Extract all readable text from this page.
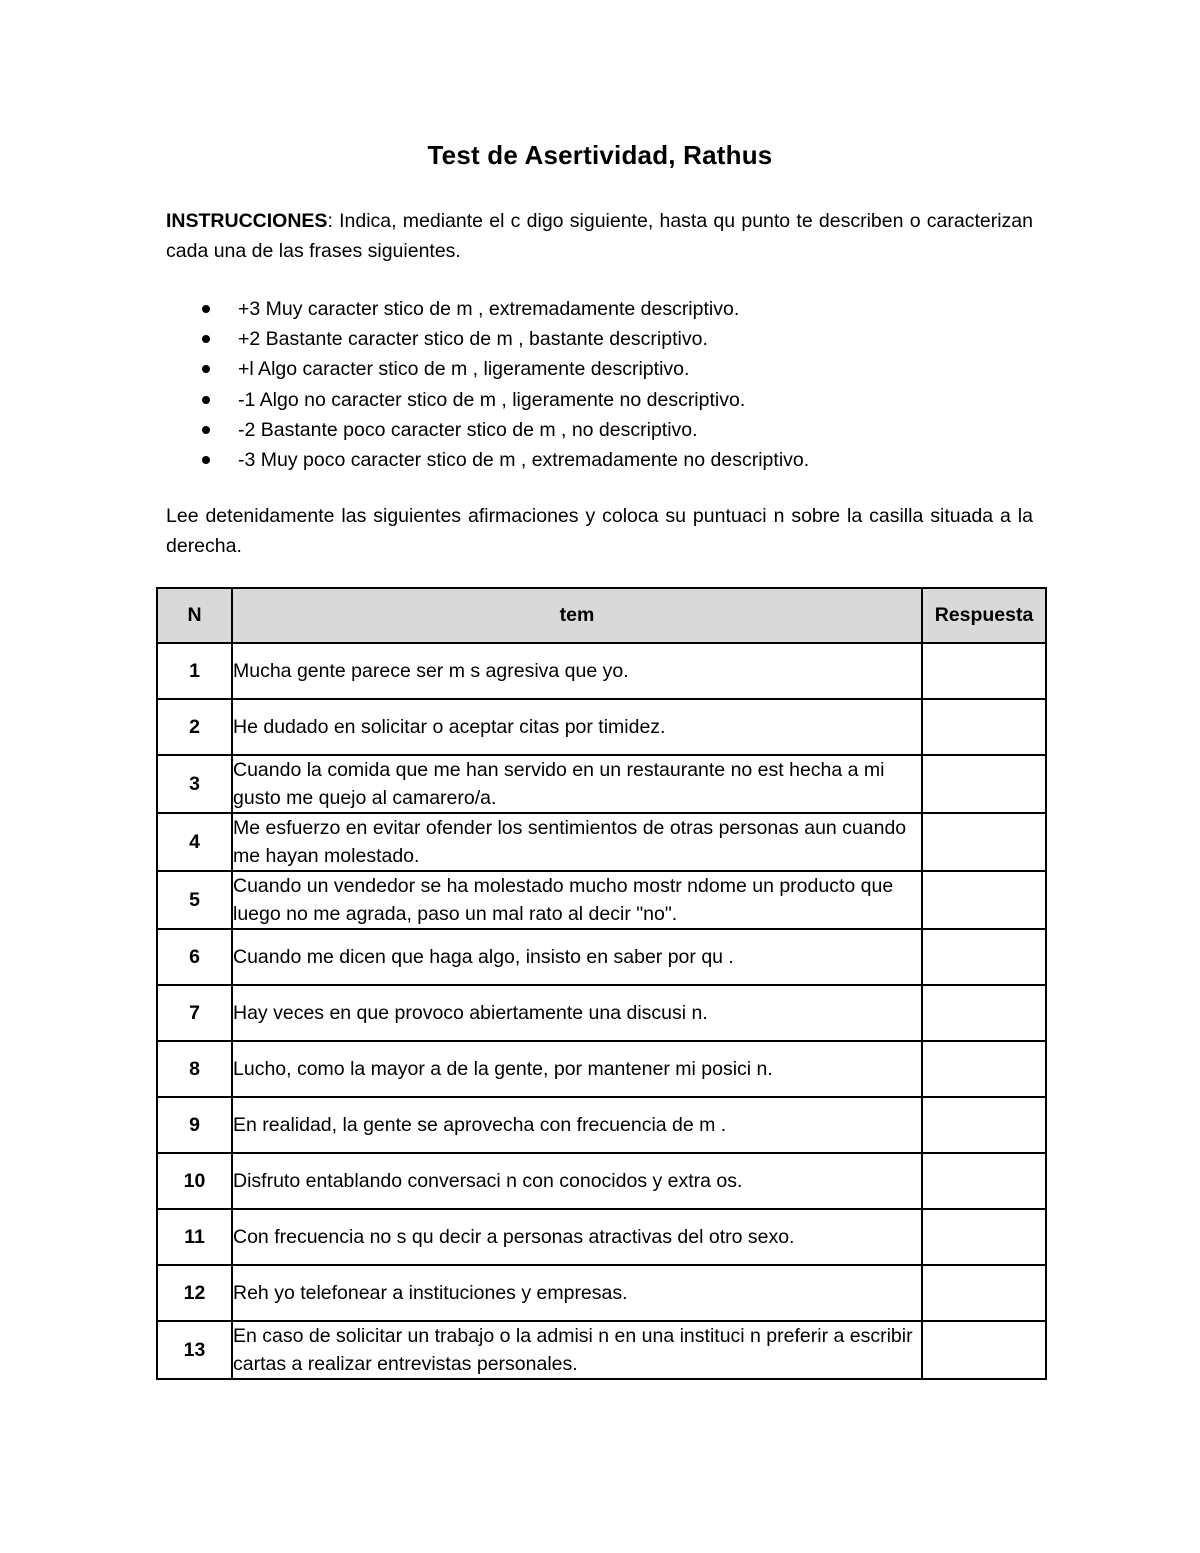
Test de Asertividad, Rathus
INSTRUCCIONES: Indica, mediante el c digo siguiente, hasta qu punto te describen o caracterizan cada una de las frases siguientes.
+3 Muy caracter stico de m , extremadamente descriptivo.
+2 Bastante caracter stico de m , bastante descriptivo.
+l Algo caracter stico de m , ligeramente descriptivo.
-1 Algo no caracter stico de m , ligeramente no descriptivo.
-2 Bastante poco caracter stico de m , no descriptivo.
-3 Muy poco caracter stico de m , extremadamente no descriptivo.
Lee detenidamente las siguientes afirmaciones y coloca su puntuaci n sobre la casilla situada a la derecha.
N	tem	Respuesta
1	Mucha gente parece ser m s agresiva que yo.	
2	He dudado en solicitar o aceptar citas por timidez.	
3	Cuando la comida que me han servido en un restaurante no est hecha a mi gusto me quejo al camarero/a.	
4	Me esfuerzo en evitar ofender los sentimientos de otras personas aun cuando me hayan molestado.	
5	Cuando un vendedor se ha molestado mucho mostr ndome un producto que luego no me agrada, paso un mal rato al decir "no".	
6	Cuando me dicen que haga algo, insisto en saber por qu .	
7	Hay veces en que provoco abiertamente una discusi n.	
8	Lucho, como la mayor a de la gente, por mantener mi posici n.	
9	En realidad, la gente se aprovecha con frecuencia de m .	
10	Disfruto entablando conversaci n con conocidos y extra os.	
11	Con frecuencia no s qu decir a personas atractivas del otro sexo.	
12	Reh yo telefonear a instituciones y empresas.	
13	En caso de solicitar un trabajo o la admisi n en una instituci n preferir a escribir cartas a realizar entrevistas personales.	
